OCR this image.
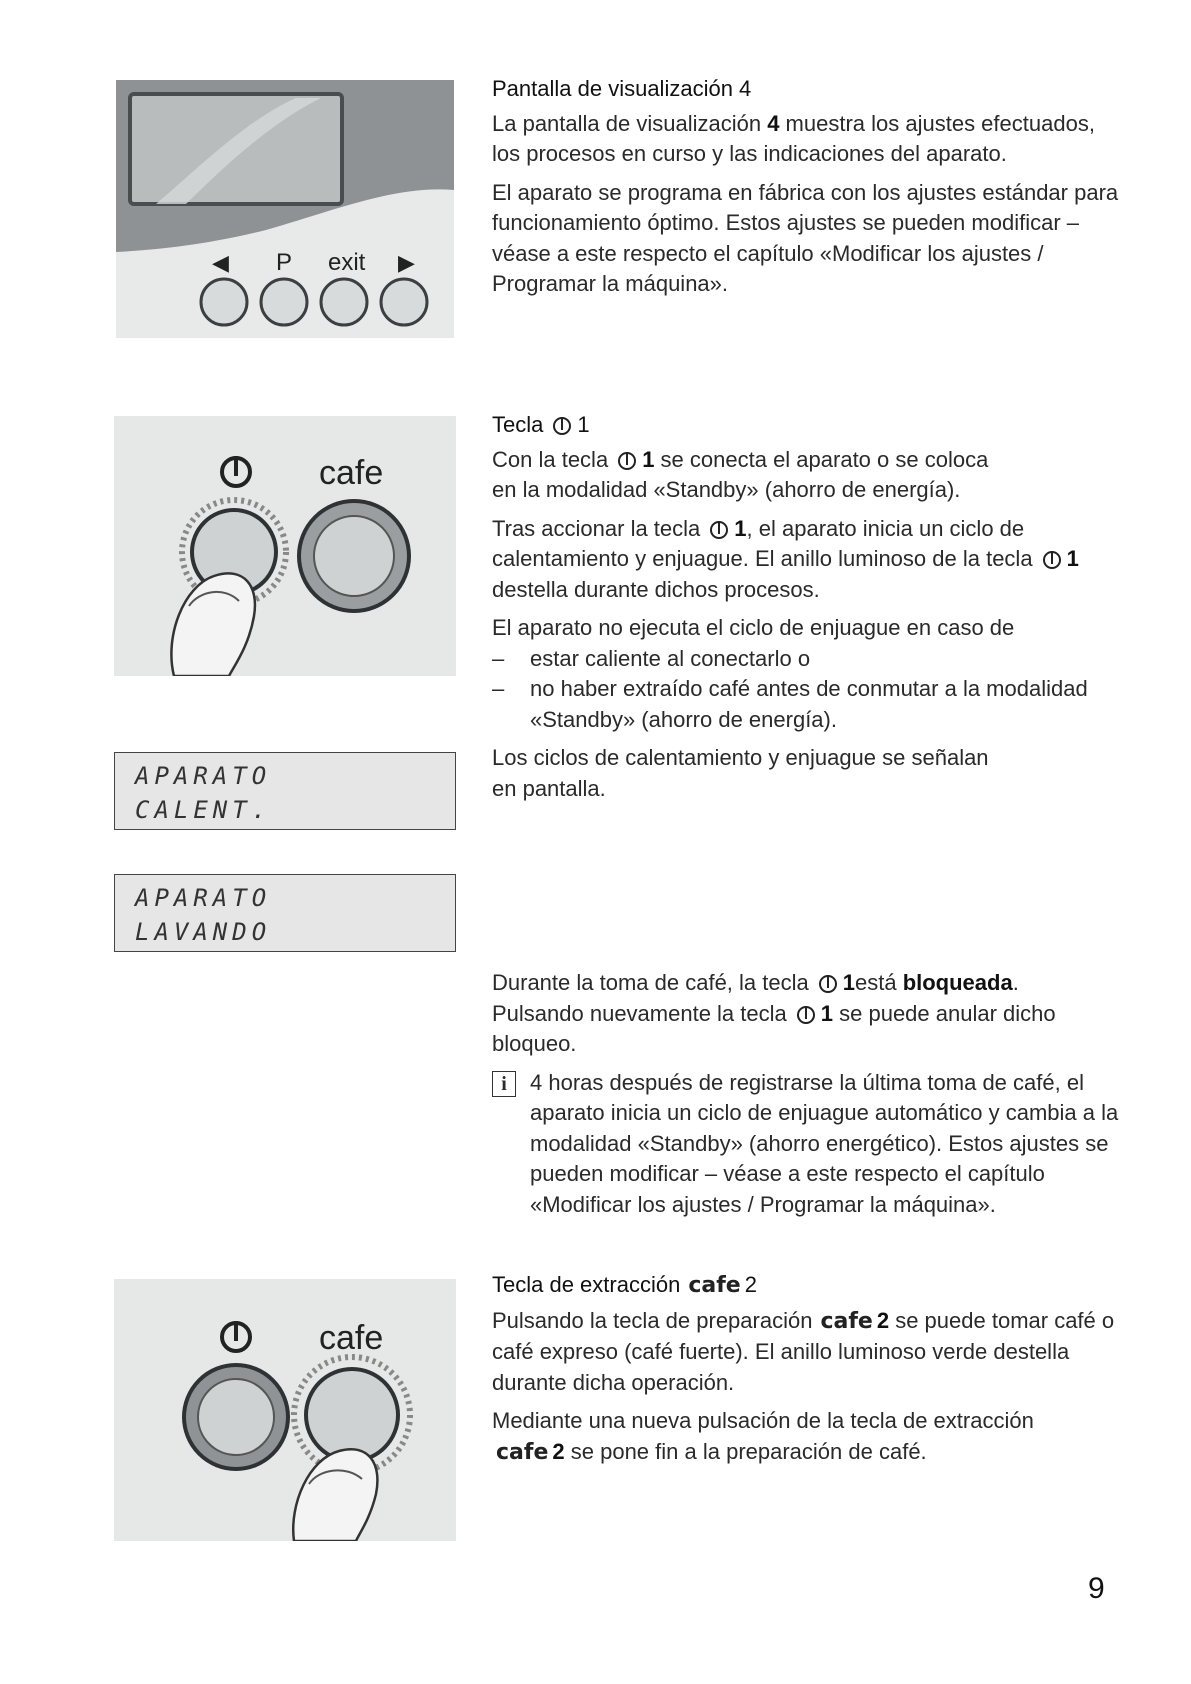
◀ P exit ▶
cafe
APARATO
CALENT.
APARATO
LAVANDO
cafe

Pantalla de visualización 4

La pantalla de visualización 4 muestra los ajustes efectuados, los procesos en curso y las indicaciones del aparato.

El aparato se programa en fábrica con los ajustes estándar para funcionamiento óptimo. Estos ajustes se pueden modificar – véase a este respecto el capítulo «Modificar los ajustes / Programar la máquina».

Tecla 1

Con la tecla 1 se conecta el aparato o se coloca
en la modalidad «Standby» (ahorro de energía).

Tras accionar la tecla 1, el aparato inicia un ciclo de calentamiento y enjuague. El anillo luminoso de la tecla 1 destella durante dichos procesos.

El aparato no ejecuta el ciclo de enjuague en caso de

– estar caliente al conectarlo o
– no haber extraído café antes de conmutar a la modalidad «Standby» (ahorro de energía).

Los ciclos de calentamiento y enjuague se señalan
en pantalla.

Durante la toma de café, la tecla 1está bloqueada.
Pulsando nuevamente la tecla 1 se puede anular dicho bloqueo.

i	4 horas después de registrarse la última toma de café, el aparato inicia un ciclo de enjuague automático y cambia a la modalidad «Standby» (ahorro energético). Estos ajustes se pueden modificar – véase a este respecto el capítulo «Modificar los ajustes / Programar la máquina».

Tecla de extracción cafe 2

Pulsando la tecla de preparación cafe 2 se puede tomar café o café expreso (café fuerte). El anillo luminoso verde destella durante dicha operación.

Mediante una nueva pulsación de la tecla de extracción
cafe 2 se pone fin a la preparación de café.

9
